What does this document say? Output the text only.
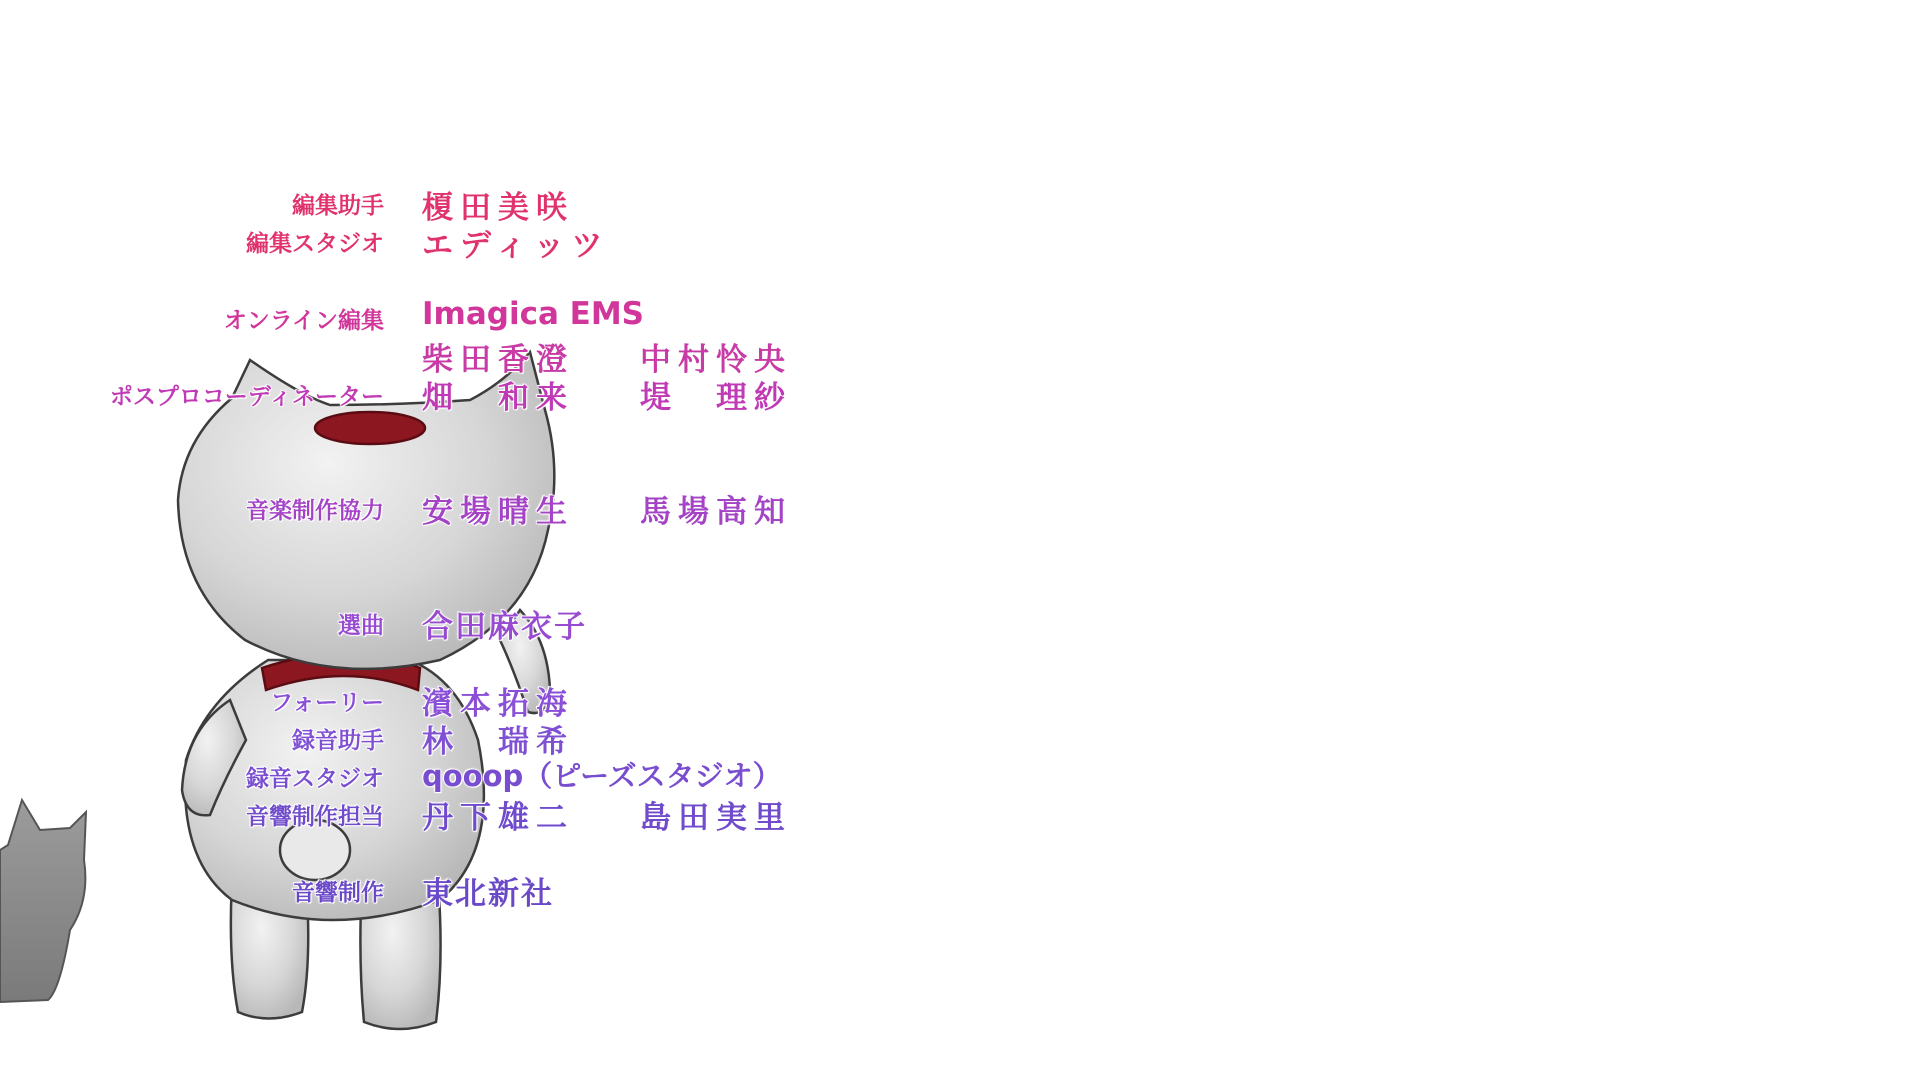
編集助手 榎田美咲
編集スタジオ エディッツ
オンライン編集 Imagica EMS
柴田香澄 中村怜央
ポスプロコーディネーター 畑　和来 堤　理紗
音楽制作協力 安場晴生 馬場高知
選曲 合田麻衣子
フォーリー 濱本拓海
録音助手 林　瑞希
録音スタジオ qooop（ピーズスタジオ）
音響制作担当 丹下雄二 島田実里
音響制作 東北新社
